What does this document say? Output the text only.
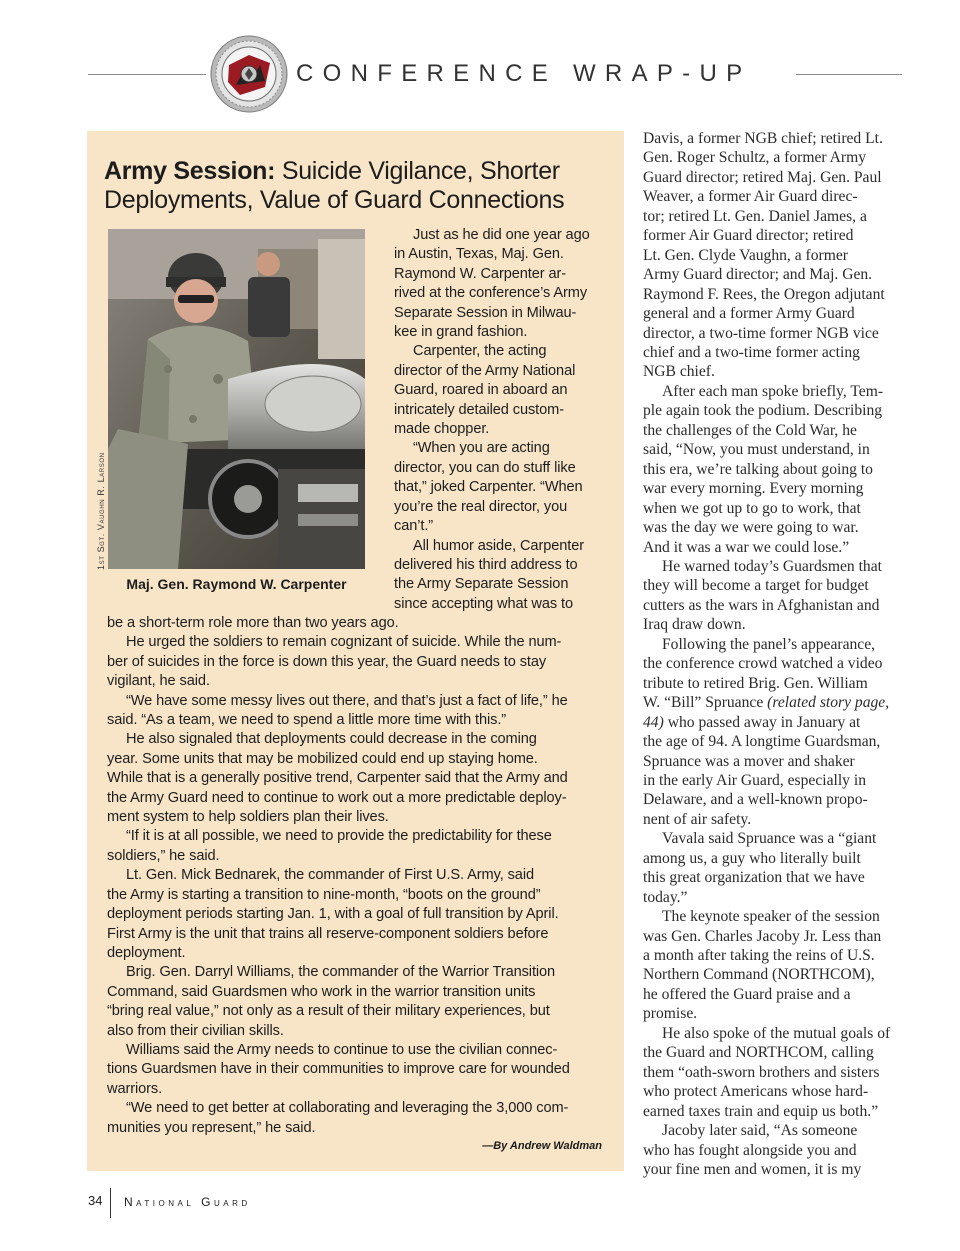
CONFERENCE WRAP-UP
Army Session: Suicide Vigilance, Shorter Deployments, Value of Guard Connections
Maj. Gen. Raymond W. Carpenter
Just as he did one year ago
in Austin, Texas, Maj. Gen.
Raymond W. Carpenter ar-
rived at the conference’s Army
Separate Session in Milwau-
kee in grand fashion.
Carpenter, the acting
director of the Army National
Guard, roared in aboard an
intricately detailed custom-
made chopper.
“When you are acting
director, you can do stuff like
that,” joked Carpenter. “When
you’re the real director, you
can’t.”
All humor aside, Carpenter
delivered his third address to
the Army Separate Session
since accepting what was to
be a short-term role more than two years ago.
He urged the soldiers to remain cognizant of suicide. While the num-
ber of suicides in the force is down this year, the Guard needs to stay
vigilant, he said.
“We have some messy lives out there, and that’s just a fact of life,” he
said. “As a team, we need to spend a little more time with this.”
He also signaled that deployments could decrease in the coming
year. Some units that may be mobilized could end up staying home.
While that is a generally positive trend, Carpenter said that the Army and
the Army Guard need to continue to work out a more predictable deploy-
ment system to help soldiers plan their lives.
“If it is at all possible, we need to provide the predictability for these
soldiers,” he said.
Lt. Gen. Mick Bednarek, the commander of First U.S. Army, said
the Army is starting a transition to nine-month, “boots on the ground”
deployment periods starting Jan. 1, with a goal of full transition by April.
First Army is the unit that trains all reserve-component soldiers before
deployment.
Brig. Gen. Darryl Williams, the commander of the Warrior Transition
Command, said Guardsmen who work in the warrior transition units
“bring real value,” not only as a result of their military experiences, but
also from their civilian skills.
Williams said the Army needs to continue to use the civilian connec-
tions Guardsmen have in their communities to improve care for wounded
warriors.
“We need to get better at collaborating and leveraging the 3,000 com-
munities you represent,” he said.
—By Andrew Waldman
Davis, a former NGB chief; retired Lt.
Gen. Roger Schultz, a former Army
Guard director; retired Maj. Gen. Paul
Weaver, a former Air Guard direc-
tor; retired Lt. Gen. Daniel James, a
former Air Guard director; retired
Lt. Gen. Clyde Vaughn, a former
Army Guard director; and Maj. Gen.
Raymond F. Rees, the Oregon adjutant
general and a former Army Guard
director, a two-time former NGB vice
chief and a two-time former acting
NGB chief.
After each man spoke briefly, Tem-
ple again took the podium. Describing
the challenges of the Cold War, he
said, “Now, you must understand, in
this era, we’re talking about going to
war every morning. Every morning
when we got up to go to work, that
was the day we were going to war.
And it was a war we could lose.”
He warned today’s Guardsmen that
they will become a target for budget
cutters as the wars in Afghanistan and
Iraq draw down.
Following the panel’s appearance,
the conference crowd watched a video
tribute to retired Brig. Gen. William
W. “Bill” Spruance (related story page,
44) who passed away in January at
the age of 94. A longtime Guardsman,
Spruance was a mover and shaker
in the early Air Guard, especially in
Delaware, and a well-known propo-
nent of air safety.
Vavala said Spruance was a “giant
among us, a guy who literally built
this great organization that we have
today.”
The keynote speaker of the session
was Gen. Charles Jacoby Jr. Less than
a month after taking the reins of U.S.
Northern Command (NORTHCOM),
he offered the Guard praise and a
promise.
He also spoke of the mutual goals of
the Guard and NORTHCOM, calling
them “oath-sworn brothers and sisters
who protect Americans whose hard-
earned taxes train and equip us both.”
Jacoby later said, “As someone
who has fought alongside you and
your fine men and women, it is my
34 National Guard
